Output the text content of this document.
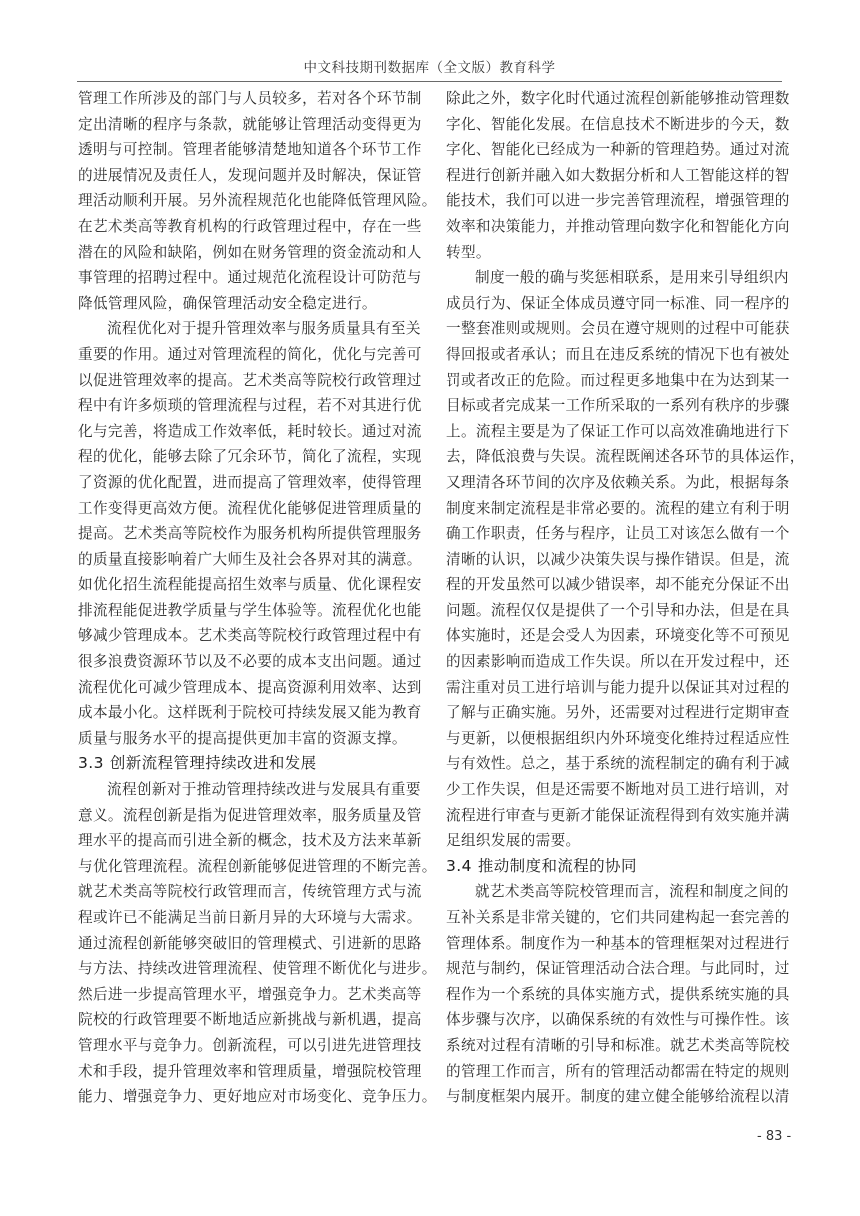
中文科技期刊数据库（全文版）教育科学
管理工作所涉及的部门与人员较多，若对各个环节制
定出清晰的程序与条款，就能够让管理活动变得更为
透明与可控制。管理者能够清楚地知道各个环节工作
的进展情况及责任人，发现问题并及时解决，保证管
理活动顺利开展。另外流程规范化也能降低管理风险。
在艺术类高等教育机构的行政管理过程中，存在一些
潜在的风险和缺陷，例如在财务管理的资金流动和人
事管理的招聘过程中。通过规范化流程设计可防范与
降低管理风险，确保管理活动安全稳定进行。
流程优化对于提升管理效率与服务质量具有至关
重要的作用。通过对管理流程的简化，优化与完善可
以促进管理效率的提高。艺术类高等院校行政管理过
程中有许多烦琐的管理流程与过程，若不对其进行优
化与完善，将造成工作效率低，耗时较长。通过对流
程的优化，能够去除了冗余环节，简化了流程，实现
了资源的优化配置，进而提高了管理效率，使得管理
工作变得更高效方便。流程优化能够促进管理质量的
提高。艺术类高等院校作为服务机构所提供管理服务
的质量直接影响着广大师生及社会各界对其的满意。
如优化招生流程能提高招生效率与质量、优化课程安
排流程能促进教学质量与学生体验等。流程优化也能
够减少管理成本。艺术类高等院校行政管理过程中有
很多浪费资源环节以及不必要的成本支出问题。通过
流程优化可减少管理成本、提高资源利用效率、达到
成本最小化。这样既利于院校可持续发展又能为教育
质量与服务水平的提高提供更加丰富的资源支撑。
3.3 创新流程管理持续改进和发展
流程创新对于推动管理持续改进与发展具有重要
意义。流程创新是指为促进管理效率，服务质量及管
理水平的提高而引进全新的概念，技术及方法来革新
与优化管理流程。流程创新能够促进管理的不断完善。
就艺术类高等院校行政管理而言，传统管理方式与流
程或许已不能满足当前日新月异的大环境与大需求。
通过流程创新能够突破旧的管理模式、引进新的思路
与方法、持续改进管理流程、使管理不断优化与进步。
然后进一步提高管理水平，增强竞争力。艺术类高等
院校的行政管理要不断地适应新挑战与新机遇，提高
管理水平与竞争力。创新流程，可以引进先进管理技
术和手段，提升管理效率和管理质量，增强院校管理
能力、增强竞争力、更好地应对市场变化、竞争压力。
除此之外，数字化时代通过流程创新能够推动管理数
字化、智能化发展。在信息技术不断进步的今天，数
字化、智能化已经成为一种新的管理趋势。通过对流
程进行创新并融入如大数据分析和人工智能这样的智
能技术，我们可以进一步完善管理流程，增强管理的
效率和决策能力，并推动管理向数字化和智能化方向
转型。
制度一般的确与奖惩相联系，是用来引导组织内
成员行为、保证全体成员遵守同一标准、同一程序的
一整套准则或规则。会员在遵守规则的过程中可能获
得回报或者承认；而且在违反系统的情况下也有被处
罚或者改正的危险。而过程更多地集中在为达到某一
目标或者完成某一工作所采取的一系列有秩序的步骤
上。流程主要是为了保证工作可以高效准确地进行下
去，降低浪费与失误。流程既阐述各环节的具体运作，
又理清各环节间的次序及依赖关系。为此，根据每条
制度来制定流程是非常必要的。流程的建立有利于明
确工作职责，任务与程序，让员工对该怎么做有一个
清晰的认识，以减少决策失误与操作错误。但是，流
程的开发虽然可以减少错误率，却不能充分保证不出
问题。流程仅仅是提供了一个引导和办法，但是在具
体实施时，还是会受人为因素，环境变化等不可预见
的因素影响而造成工作失误。所以在开发过程中，还
需注重对员工进行培训与能力提升以保证其对过程的
了解与正确实施。另外，还需要对过程进行定期审查
与更新，以便根据组织内外环境变化维持过程适应性
与有效性。总之，基于系统的流程制定的确有利于减
少工作失误，但是还需要不断地对员工进行培训，对
流程进行审查与更新才能保证流程得到有效实施并满
足组织发展的需要。
3.4 推动制度和流程的协同
就艺术类高等院校管理而言，流程和制度之间的
互补关系是非常关键的，它们共同建构起一套完善的
管理体系。制度作为一种基本的管理框架对过程进行
规范与制约，保证管理活动合法合理。与此同时，过
程作为一个系统的具体实施方式，提供系统实施的具
体步骤与次序，以确保系统的有效性与可操作性。该
系统对过程有清晰的引导和标准。就艺术类高等院校
的管理工作而言，所有的管理活动都需在特定的规则
与制度框架内展开。制度的建立健全能够给流程以清
- 83 -
